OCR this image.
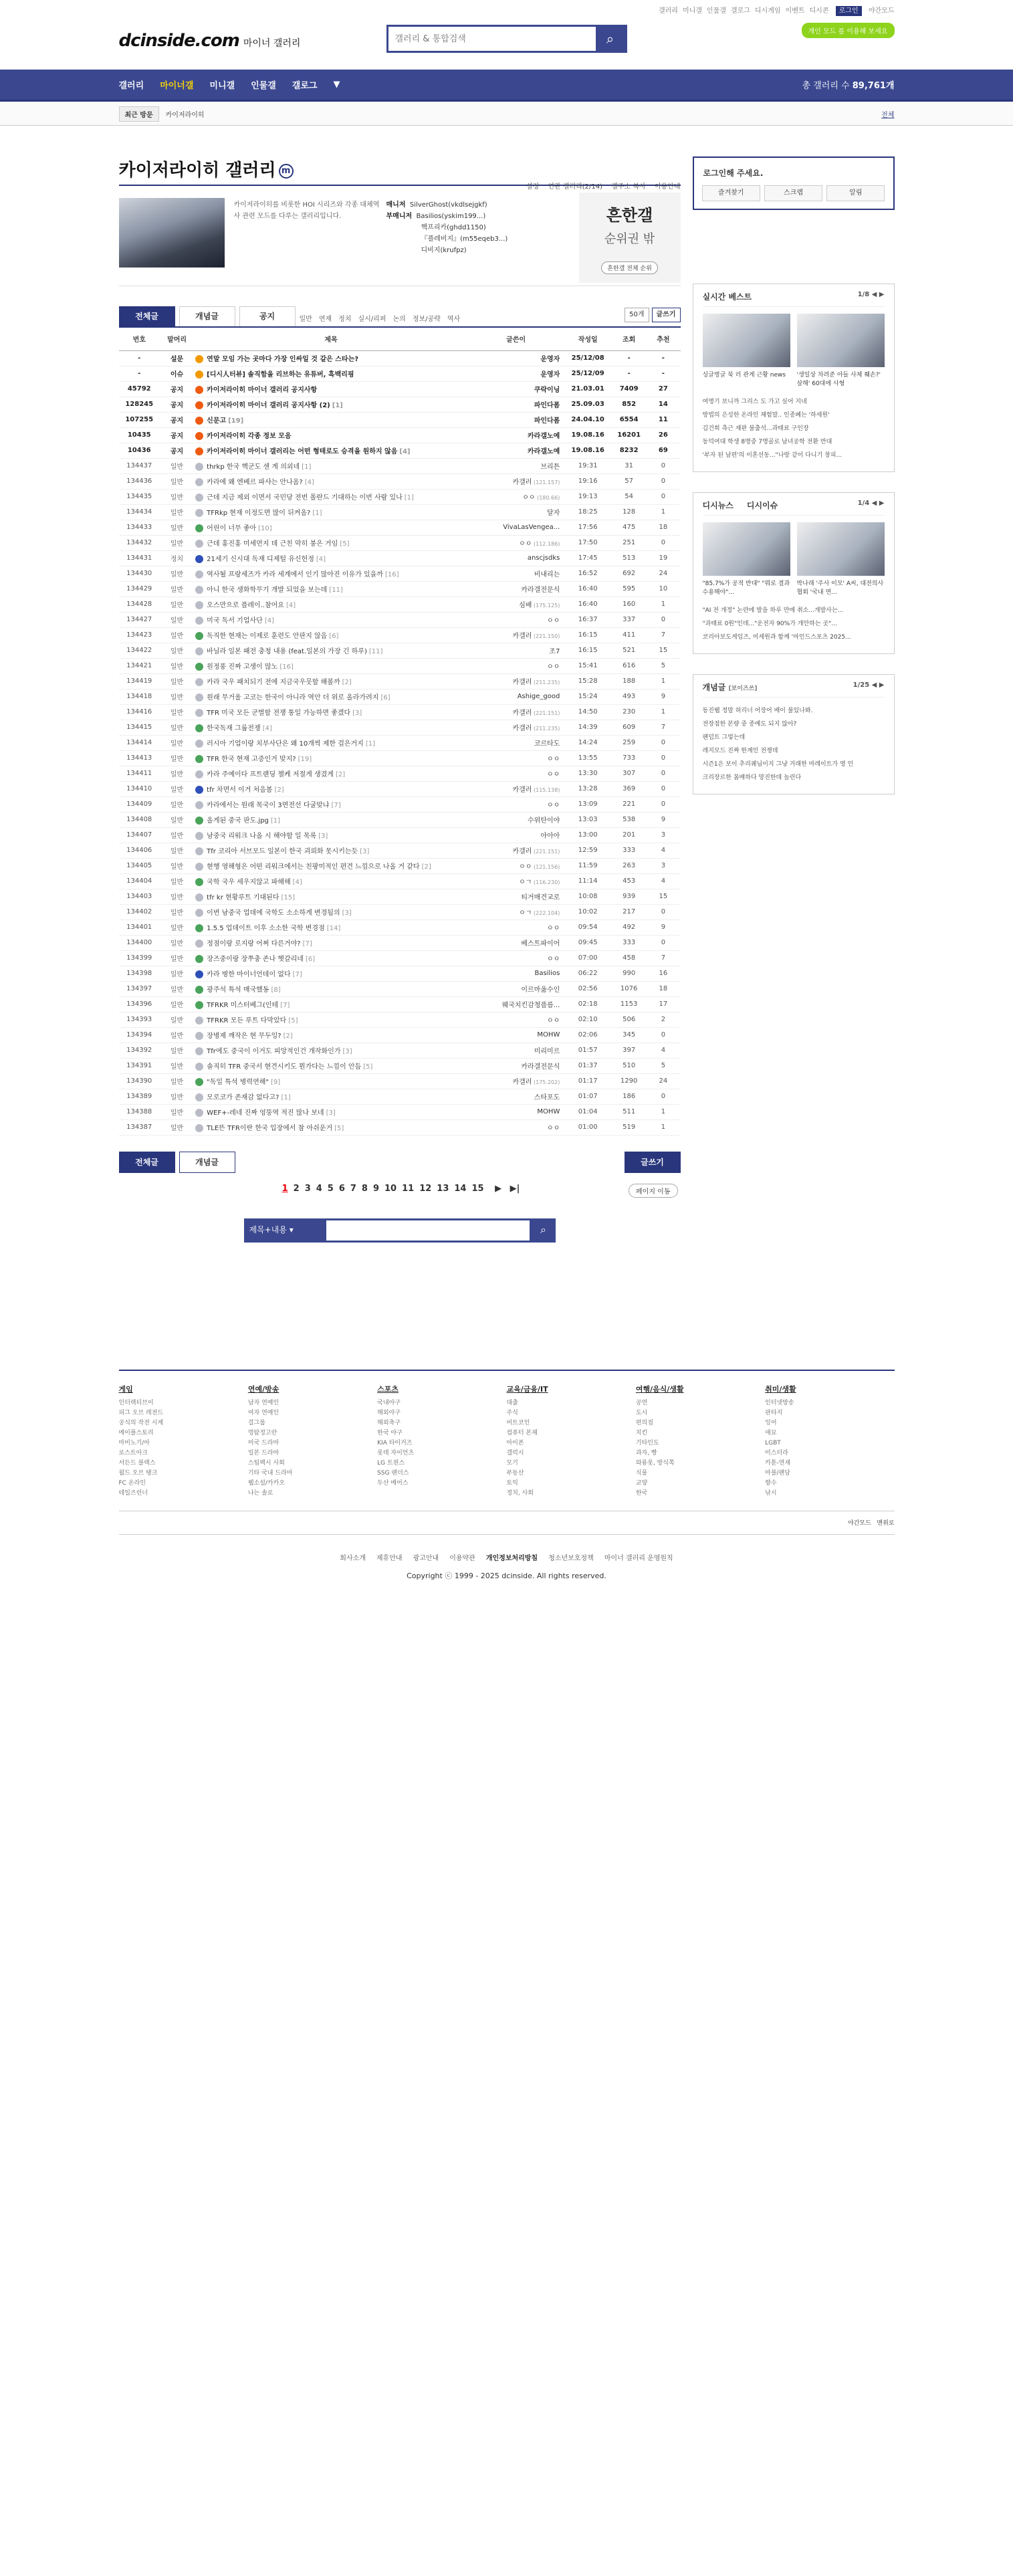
갤러리 미니갤 인물갤 갤로그 디시게임 이벤트 디시콘 로그인 야간모드
dcinside.com 마이너 갤러리
갤러리 & 통합검색	⌕	개인 모드 를 이용해 보세요
갤러리 마이너갤 미니갤 인물갤 갤로그 ▼	총 갤러리 수 89,761개
최근 방문	카이저라이히	전체
카이저라이히 갤러리 m
설정 연관 갤러리(2/14) 갤주소 복사 이용안내
카이저라이히를 비롯한 HOI 시리즈와 각종 대체역사 관련 모드를 다루는 갤러리입니다.
매니저 SilverGhost(vkdlsejgkf)
부매니저 Basilios(yskim199...)
핵프리카(ghdd1150)
『플레비지』(m55eqeb3...)
디비지(krufpz)
흔한갤
순위권 밖
흔한갤 전체 순위
전체글	개념글	공지	일반 연재 정치 실시/리퍼 논의 정보/공략 역사
50개	글쓰기
번호	말머리	제목	글쓴이	작성일	조회	추천
-	설문	연말 모임 가는 곳마다 가장 인싸일 것 같은 스타는?	운영자	25/12/08	-	-
-	이슈	[디시人터뷰] 솔직함을 리브하는 유튜버, 흑백리핑	운영자	25/12/09	-	-
45792	공지	카이저라이히 마이너 갤러리 공지사항	쿠락이닝	21.03.01	7409	27
128245	공지	카이저라이히 마이너 갤러리 공지사항 (2) [1]	파인다폼	25.09.03	852	14
107255	공지	신문고 [19]	파인다폼	24.04.10	6554	11
10435	공지	카이저라이히 각종 정보 모음	카라갤노예	19.08.16	16201	26
10436	공지	카이저라이히 마이너 갤러리는 어떤 형태로도 승격을 원하지 않음 [4]	카라갤노예	19.08.16	8232	69
134437	일반	thrkp 한국 핵군도 센 게 의외네 [1]	브리튼	19:31	31	0
134436	일반	카라에 왜 엔베르 파샤는 안나옴? [4]	카갤러 (121.157)	19:16	57	0
134435	일반	근데 지금 제외 이면서 국민당 전번 폴란드 기대하는 이번 사람 있나 [1]	ㅇㅇ (180.66)	19:13	54	0
134434	일반	TFRkp 현재 이정도면 많이 뒤켜옴? [1]	달자	18:25	128	1
134433	일반	어린이 너무 좋아 [10]	VivaLasVengea...	17:56	475	18
134432	일반	근데 홍진홍 미세먼지 데 근친 막히 붕은 거임 [5]	ㅇㅇ (112.186)	17:50	251	0
134431	정치	21세기 신시대 독재 디제털 유신헌정 [4]	anscjsdks	17:45	513	19
134430	일반	역사될 프랑세즈가 카라 세계에서 인기 많아진 이유가 있을까 [16]	비내리는	16:52	692	24
134429	일반	아니 한국 생화학무기 개발 되었을 보는데 [11]	카라갤전문식	16:40	595	10
134428	일반	오스만으로 플레이..참어요 [4]	심배 (175.125)	16:40	160	1
134427	일반	미국 독서 기업사단 [4]	ㅇㅇ	16:37	337	0
134423	일반	독직한 현재는 이제로 훈련도 안판지 않음 [6]	카갤러 (221.150)	16:15	411	7
134422	일반	바닐라 일본 패전 충청 내용 (feat.일본의 가장 긴 하루) [11]	조7	16:15	521	15
134421	일반	원정풍 진짜 고생이 많노 [16]	ㅇㅇ	15:41	616	5
134419	일반	카라 국우 패치되기 전에 지금국우뭇할 해볼까 [2]	카갤러 (211.235)	15:28	188	1
134418	일반	원래 무거울 고코는 한국이 아니라 역안 더 위로 올라가려지 [6]	Ashige_good	15:24	493	9
134416	일반	TFR 미국 모든 군벌할 전쟁 통일 가능하면 좋겠다 [3]	카갤러 (221.151)	14:50	230	1
134415	일반	한국독재 그룹전쟁 [4]	카갤러 (211.235)	14:39	609	7
134414	일반	러시아 기업이랑 치부사단은 왜 10개씩 제한 걸은거지 [1]	코르타도	14:24	259	0
134413	일반	TFR 한국 현재 고증인거 맞지? [19]	ㅇㅇ	13:55	733	0
134411	일반	카라 주예이다 프트랜딩 챌케 저절게 생겼게 [2]	ㅇㅇ	13:30	307	0
134410	일반	tfr 차면서 이거 처음봄 [2]	카갤러 (115.138)	13:28	369	0
134409	일반	카라에서는 원래 목국이 3면전선 다굴맞냐 [7]	ㅇㅇ	13:09	221	0
134408	일반	올게된 중국 판도.jpg [1]	수위탄이야	13:03	538	9
134407	일반	남중국 리워크 나올 시 해야할 일 목록 [3]	아아아	13:00	201	3
134406	일반	Tfr 코리아 서브모드 일본이 한국 괴뢰화 못시키는듯 [3]	카갤러 (221.151)	12:59	333	4
134405	일반	현행 영해형은 어떤 리워크에서는 친팡미적인 편견 느낌으로 나올 거 같다 [2]	ㅇㅇ (121.156)	11:59	263	3
134404	일반	국학 국우 세우지않고 파해해 [4]	ㅇㄱ (116.230)	11:14	453	4
134403	일반	tfr kr 현황루트 기대된다 [15]	티거매견교로	10:08	939	15
134402	일반	이번 남중국 업데에 국학도 소소하게 변경됨의 [3]	ㅇㄱ (222.104)	10:02	217	0
134401	일반	1.5.5 업데이트 이후 소소한 국학 변경점 [14]	ㅇㅇ	09:54	492	9
134400	일반	정점이랑 로지랑 어쩌 다른거야? [7]	베스트파이어	09:45	333	0
134399	일반	장즈중이랑 장쭈충 존나 헷갈리네 [6]	ㅇㅇ	07:00	458	7
134398	일반	카라 병한 마이너언데이 없다 [7]	Basilios	06:22	990	16
134397	일반	광주석 특석 매국했동 [8]	이르마옳수인	02:56	1076	18
134396	일반	TFRKR 미스터베그(인테 [7]	웨국치킨감청플름...	02:18	1153	17
134393	일반	TFRKR 모든 루트 다막았다 [5]	ㅇㅇ	02:10	506	2
134394	일반	장병제 깨작은 현 무두잉? [2]	MOHW	02:06	345	0
134392	일반	Tfr에도 중국이 이거도 피앙적인건 개작화인가 [3]	미리미르	01:57	397	4
134391	일반	솔직히 TFR 중국서 현견시키도 뭔가다는 느낌이 안듬 [5]	카라갤전문식	01:37	510	5
134390	일반	"독일 특석 병력연해" [9]	카갤러 (175.202)	01:17	1290	24
134389	일반	모로코가 존재감 없다고? [1]	스타포도	01:07	186	0
134388	일반	WEF+-레네 진짜 엉뚱역 적진 많나 보네 [3]	MOHW	01:04	511	1
134387	일반	TLE뜬 TFR이란 한국 입장에서 참 아쉬운거 [5]	ㅇㅇ	01:00	519	1
전체글	개념글	글쓰기
1 2 3 4 5 6 7 8 9 10 11 12 13 14 15 ▶ ▶|	페이지 이동
제목+내용 ▾	⌕
로그인해 주세요.
즐겨찾기	스크랩	알림
실시간 베스트	1/8 ◀ ▶
싱글벙글 북 러 관계 근황 news	'생일상 차려준 아들 사체 훼손?' 살해' 60대에 사형
여명기 보니까 그리스 도 가고 싶어 지네
방법의 은성한 온라인 체험말.. 인종폐는 '하세원'
김건희 측근 재판 불출석...과태료 구인장
동덕여대 학생 8명중 7명골로 남녀공학 전환 반대
'부자 된 남편'의 이혼선동..."나랑 같이 다니기 창피...
디시뉴스 디시이슈	1/4 ◀ ▶
"85.7%가 공적 반대" "뭐로 결과 수용해야"...
박나래 '주사 이모' A씨, 대전의사협회 '국내 면...
"AI 전 개정" 논란에 발을 하루 만에 취소...개발사는...
"과태료 0원"인데..."운전자 90%가 개안하는 곳"...
코리아보도게임즈, 미세원과 함께 '마인드스포츠 2025...
개념글 [보이즈쓰]	1/25 ◀ ▶
동진웹 정말 허리너 어장어 배이 불있나봐.
전장점한 본량 중 종예도 되지 않아?
팬덤트 그렇는데
레지모드 진짜 한계인 전쟁데
시즌1은 보이 추리퀘님이지 그냥 거래한 마레이트가 영 인
크리장르한 봄배하다 망진한데 놀린다
게임
인터랙티브이
피그 오브 레전드
공식의 작전 시계
메이플스토리
마비노기/아
로스트아크
서든드 블랙스
월드 오브 탱크
FC 온라인
테일즈런너
연예/방송
남자 연예인
여자 연예인
걸그룹
멍탐정고란
미국 드라마
일본 드라마
스팀팩시 사회
기타 국내 드라마
웹소설/카카오
나는 솔로
스포츠
국내야구
해외야구
해외축구
한국 야구
KIA 타이거즈
롯데 자이언츠
LG 트윈스
SSG 랜더스
두산 베어스
교육/금융/IT
대출
주식
비트코인
컴퓨터 본체
아이폰
갤럭시
모기
부동산
토익
정치, 사회
여행/음식/생활
공연
도시
편의점
치킨
기타인도
과자, 빵
와룡롯, 방식쪽
식물
교양
한국
취미/생활
인터넷방송
판타지
잉어
애묘
LGBT
미스터라
카툰-연재
마블/팬담
향수
낚시
야간모드 맨위로
회사소개 제휴안내 광고안내 이용약관 개인정보처리방침 청소년보호정책 마이너 갤러리 운영원칙
Copyright ⓒ 1999 - 2025 dcinside. All rights reserved.
